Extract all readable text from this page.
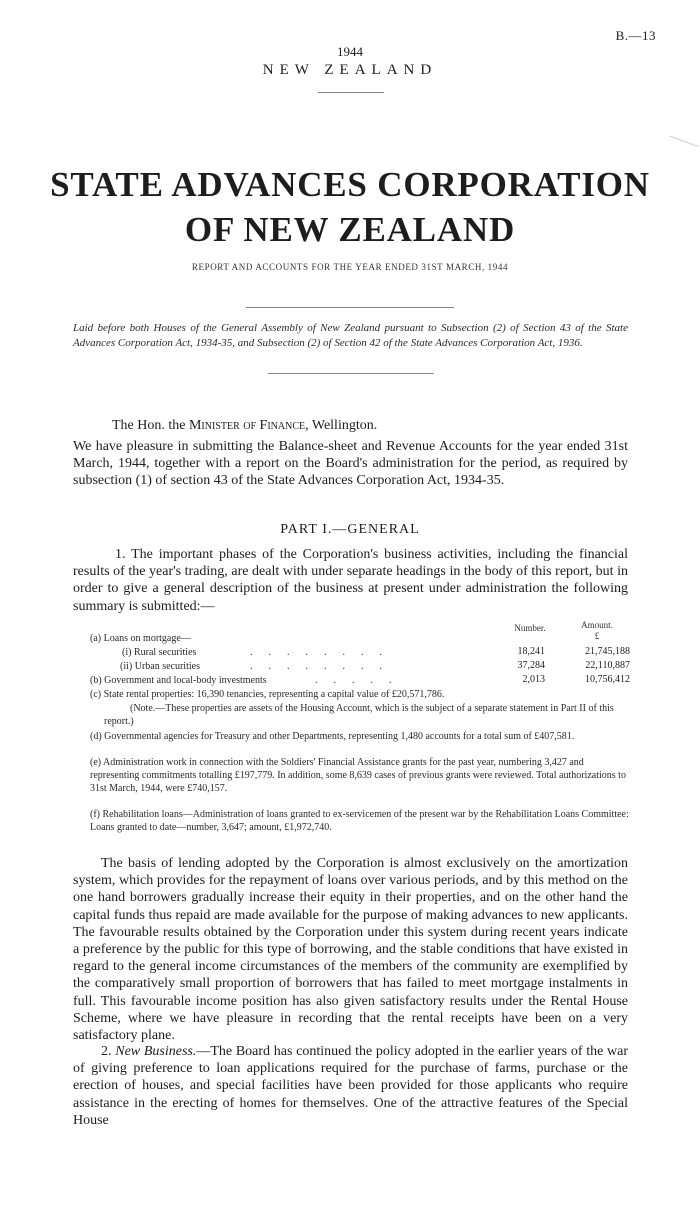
B.—13
1944
NEW ZEALAND
STATE ADVANCES CORPORATION
OF NEW ZEALAND
REPORT AND ACCOUNTS FOR THE YEAR ENDED 31ST MARCH, 1944
Laid before both Houses of the General Assembly of New Zealand pursuant to Subsection (2) of Section 43 of the State Advances Corporation Act, 1934-35, and Subsection (2) of Section 42 of the State Advances Corporation Act, 1936.
The Hon. the Minister of Finance, Wellington.
We have pleasure in submitting the Balance-sheet and Revenue Accounts for the year ended 31st March, 1944, together with a report on the Board's administration for the period, as required by subsection (1) of section 43 of the State Advances Corporation Act, 1934-35.
PART I.—GENERAL
1. The important phases of the Corporation's business activities, including the financial results of the year's trading, are dealt with under separate headings in the body of this report, but in order to give a general description of the business at present under administration the following summary is submitted:—
Number.	Amount.
£
(a) Loans on mortgage—
(i) Rural securities	........	18,241	21,745,188
(ii) Urban securities	........	37,284	22,110,887
(b) Government and local-body investments	.....	2,013	10,756,412
(c) State rental properties: 16,390 tenancies, representing a capital value of £20,571,786.
(Note.—These properties are assets of the Housing Account, which is the subject of a separate statement in Part II of this report.)
(d) Governmental agencies for Treasury and other Departments, representing 1,480 accounts for a total sum of £407,581.
(e) Administration work in connection with the Soldiers' Financial Assistance grants for the past year, numbering 3,427 and representing commitments totalling £197,779. In addition, some 8,639 cases of previous grants were reviewed. Total authorizations to 31st March, 1944, were £740,157.
(f) Rehabilitation loans—Administration of loans granted to ex-servicemen of the present war by the Rehabilitation Loans Committee: Loans granted to date—number, 3,647; amount, £1,972,740.
The basis of lending adopted by the Corporation is almost exclusively on the amortization system, which provides for the repayment of loans over various periods, and by this method on the one hand borrowers gradually increase their equity in their properties, and on the other hand the capital funds thus repaid are made available for the purpose of making advances to new applicants. The favourable results obtained by the Corporation under this system during recent years indicate a preference by the public for this type of borrowing, and the stable conditions that have existed in regard to the general income circumstances of the members of the community are exemplified by the comparatively small proportion of borrowers that has failed to meet mortgage instalments in full. This favourable income position has also given satisfactory results under the Rental House Scheme, where we have pleasure in recording that the rental receipts have been on a very satisfactory plane.
2. New Business.—The Board has continued the policy adopted in the earlier years of the war of giving preference to loan applications required for the purchase of farms, purchase or the erection of houses, and special facilities have been provided for those applicants who require assistance in the erecting of homes for themselves. One of the attractive features of the Special House
